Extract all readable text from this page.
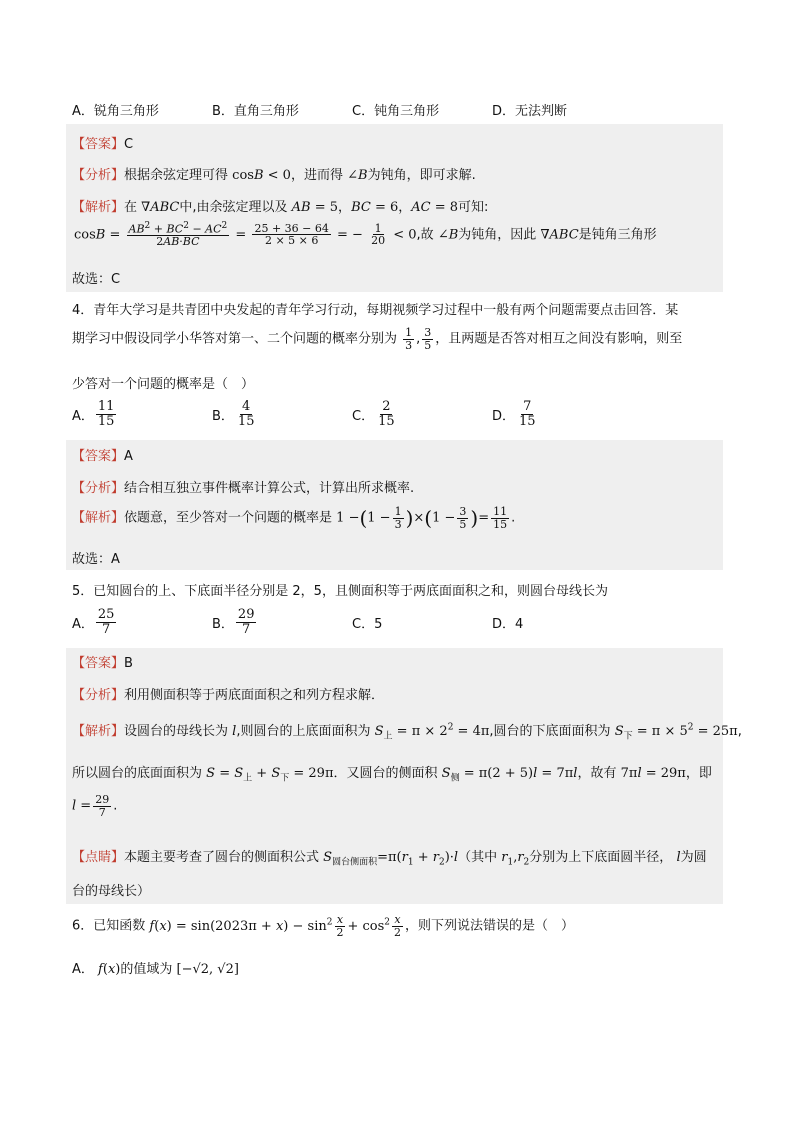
A．锐角三角形	B．直角三角形	C．钝角三角形	D．无法判断
【答案】C
【分析】根据余弦定理可得 cosB < 0，进而得 ∠B为钝角，即可求解.
【解析】在 ∇ABC中,由余弦定理以及 AB = 5，BC = 6，AC = 8可知:
$\cos B = \frac{AB^2 + BC^2 - AC^2}{2AB\cdot BC} = \frac{25 + 36 - 64}{2 \times 5 \times 6}$ = − $\frac{1}{20} < 0$,故 ∠B为钝角，因此 ∇ABC是钝角三角形
故选：C
4．青年大学习是共青团中央发起的青年学习行动，每期视频学习过程中一般有两个问题需要点击回答．某
期学习中假设同学小华答对第一、二个问题的概率分别为 $\frac{1}{3}$ , $\frac{3}{5}$ ，且两题是否答对相互之间没有影响，则至
少答对一个问题的概率是（　）
A． $\frac{11}{15}$	B． $\frac{4}{15}$	C． $\frac{2}{15}$	D． $\frac{7}{15}$
【答案】A
【分析】结合相互独立事件概率计算公式，计算出所求概率.
【解析】依题意，至少答对一个问题的概率是 $1 -(1 - \frac{1}{3} )\times(1 - \frac{3}{5}$ )= $\frac{11}{15}$ .
故选：A
5．已知圆台的上、下底面半径分别是 2，5，且侧面积等于两底面面积之和，则圆台母线长为
A． $\frac{25}{7}$	B． $\frac{29}{7}$	C．5	D．4
【答案】B
【分析】利用侧面积等于两底面面积之和列方程求解．
【解析】设圆台的母线长为 l,则圆台的上底面面积为 $S_上 = \pi \times 2^2 = 4\pi$,圆台的下底面面积为 $S_下 = \pi \times 5^2 = 25\pi$,
所以圆台的底面面积为 $S = S_上 + S_下 = 29\pi$．又圆台的侧面积 $S_侧 = \pi(2 + 5)l = 7\pi l$，故有 7πl = 29π，即
$l = \frac{29}{7}$ .
【点睛】本题主要考查了圆台的侧面积公式 $S_{圆台侧面积}=\pi(r_1 + r_2)\cdot l$（其中 $r_1,r_2$分别为上下底面圆半径， l为圆
台的母线长）
6．已知函数 $f(x) = \sin(2023\pi + x) - \sin^2 \frac{x}{2} + \cos^2 \frac{x}{2}$ ，则下列说法错误的是（　）
A． f(x)的值域为 [−√2, √2]
